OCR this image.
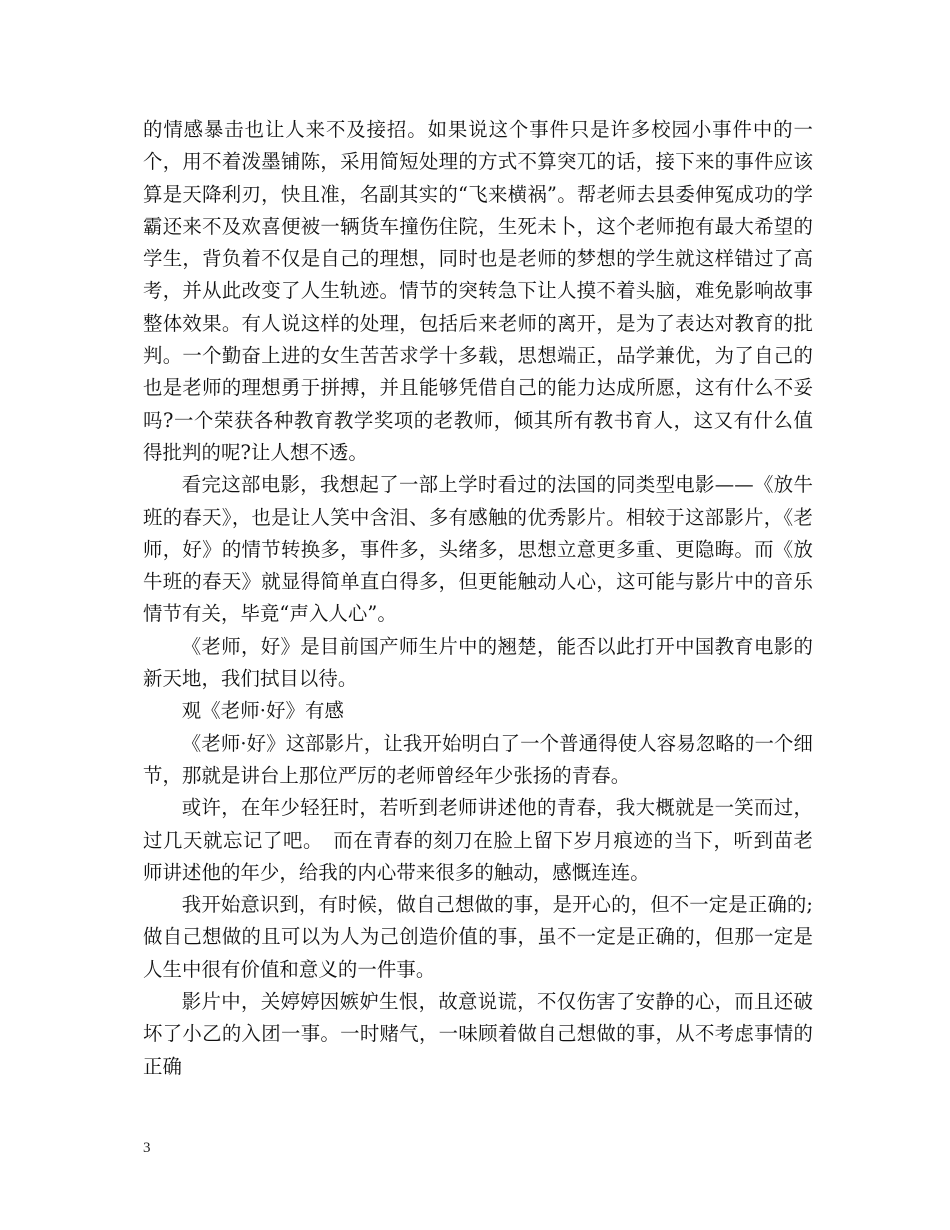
的情感暴击也让人来不及接招。如果说这个事件只是许多校园小事件中的一个，用不着泼墨铺陈，采用简短处理的方式不算突兀的话，接下来的事件应该算是天降利刃，快且准，名副其实的“飞来横祸”。帮老师去县委伸冤成功的学霸还来不及欢喜便被一辆货车撞伤住院，生死未卜，这个老师抱有最大希望的学生，背负着不仅是自己的理想，同时也是老师的梦想的学生就这样错过了高考，并从此改变了人生轨迹。情节的突转急下让人摸不着头脑，难免影响故事整体效果。有人说这样的处理，包括后来老师的离开，是为了表达对教育的批判。一个勤奋上进的女生苦苦求学十多载，思想端正，品学兼优，为了自己的也是老师的理想勇于拼搏，并且能够凭借自己的能力达成所愿，这有什么不妥吗?一个荣获各种教育教学奖项的老教师，倾其所有教书育人，这又有什么值得批判的呢?让人想不透。

看完这部电影，我想起了一部上学时看过的法国的同类型电影——《放牛班的春天》，也是让人笑中含泪、多有感触的优秀影片。相较于这部影片，《老师，好》的情节转换多，事件多，头绪多，思想立意更多重、更隐晦。而《放牛班的春天》就显得简单直白得多，但更能触动人心，这可能与影片中的音乐情节有关，毕竟“声入人心”。

《老师，好》是目前国产师生片中的翘楚，能否以此打开中国教育电影的新天地，我们拭目以待。

观《老师·好》有感

《老师·好》这部影片，让我开始明白了一个普通得使人容易忽略的一个细节，那就是讲台上那位严厉的老师曾经年少张扬的青春。

或许，在年少轻狂时，若听到老师讲述他的青春，我大概就是一笑而过，过几天就忘记了吧。　而在青春的刻刀在脸上留下岁月痕迹的当下，听到苗老师讲述他的年少，给我的内心带来很多的触动，感慨连连。

我开始意识到，有时候，做自己想做的事，是开心的，但不一定是正确的;做自己想做的且可以为人为己创造价值的事，虽不一定是正确的，但那一定是人生中很有价值和意义的一件事。

影片中，关婷婷因嫉妒生恨，故意说谎，不仅伤害了安静的心，而且还破坏了小乙的入团一事。一时赌气，一味顾着做自己想做的事，从不考虑事情的正确

3
